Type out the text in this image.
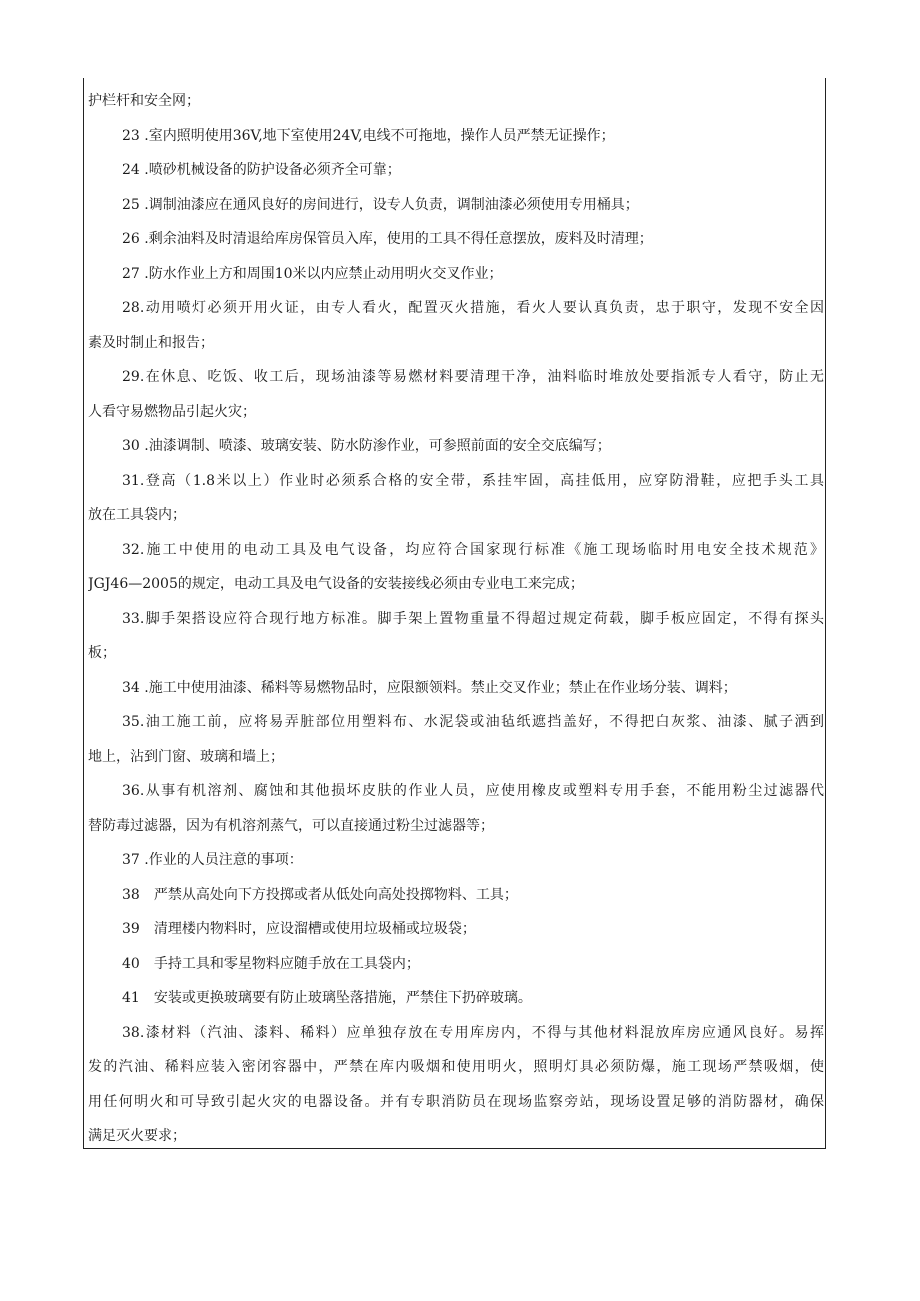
护栏杆和安全网；
23 .室内照明使用36V,地下室使用24V,电线不可拖地，操作人员严禁无证操作；
24 .喷砂机械设备的防护设备必须齐全可靠；
25 .调制油漆应在通风良好的房间进行，设专人负责，调制油漆必须使用专用桶具；
26 .剩余油料及时清退给库房保管员入库，使用的工具不得任意摆放，废料及时清理；
27 .防水作业上方和周围10米以内应禁止动用明火交叉作业；
28.动用喷灯必须开用火证，由专人看火，配置灭火措施，看火人要认真负责，忠于职守，发现不安全因
素及时制止和报告；
29.在休息、吃饭、收工后，现场油漆等易燃材料要清理干净，油料临时堆放处要指派专人看守，防止无
人看守易燃物品引起火灾；
30 .油漆调制、喷漆、玻璃安装、防水防渗作业，可参照前面的安全交底编写；
31.登高（1.8米以上）作业时必须系合格的安全带，系挂牢固，高挂低用，应穿防滑鞋，应把手头工具
放在工具袋内；
32.施工中使用的电动工具及电气设备，均应符合国家现行标准《施工现场临时用电安全技术规范》
JGJ46—2005的规定，电动工具及电气设备的安装接线必须由专业电工来完成；
33.脚手架搭设应符合现行地方标准。脚手架上置物重量不得超过规定荷载，脚手板应固定，不得有探头
板；
34 .施工中使用油漆、稀料等易燃物品时，应限额领料。禁止交叉作业；禁止在作业场分装、调料；
35.油工施工前，应将易弄脏部位用塑料布、水泥袋或油毡纸遮挡盖好，不得把白灰浆、油漆、腻子洒到
地上，沾到门窗、玻璃和墙上；
36.从事有机溶剂、腐蚀和其他损坏皮肤的作业人员，应使用橡皮或塑料专用手套，不能用粉尘过滤器代
替防毒过滤器，因为有机溶剂蒸气，可以直接通过粉尘过滤器等；
37 .作业的人员注意的事项：
38　严禁从高处向下方投掷或者从低处向高处投掷物料、工具；
39　清理楼内物料时，应设溜槽或使用垃圾桶或垃圾袋；
40　手持工具和零星物料应随手放在工具袋内；
41　安装或更换玻璃要有防止玻璃坠落措施，严禁住下扔碎玻璃。
38.漆材料（汽油、漆料、稀料）应单独存放在专用库房内，不得与其他材料混放库房应通风良好。易挥
发的汽油、稀料应装入密闭容器中，严禁在库内吸烟和使用明火，照明灯具必须防爆，施工现场严禁吸烟，使
用任何明火和可导致引起火灾的电器设备。并有专职消防员在现场监察旁站，现场设置足够的消防器材，确保
满足灭火要求；
